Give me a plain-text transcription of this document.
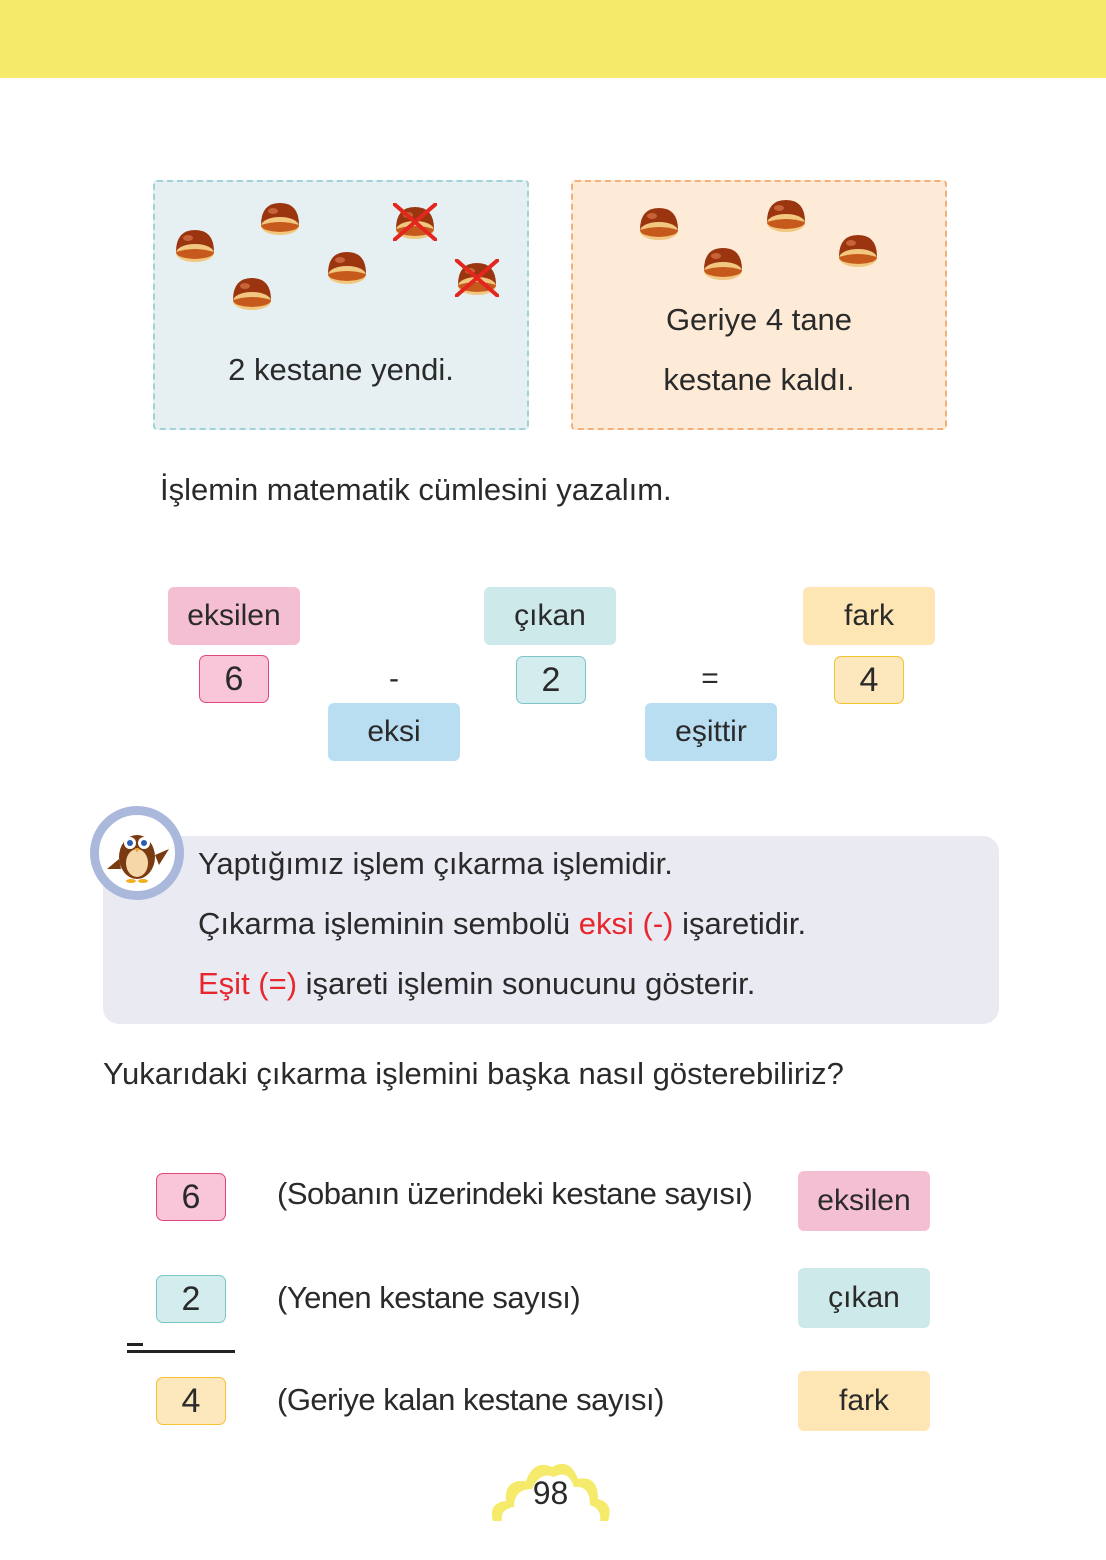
2 kestane yendi.
Geriye 4 tane
kestane kaldı.
İşlemin matematik cümlesini yazalım.
eksilen
6	-
eksi
çıkan
2	=
eşittir
fark
4
Yaptığımız işlem çıkarma işlemidir.
Çıkarma işleminin sembolü eksi (-) işaretidir.
Eşit (=) işareti işlemin sonucunu gösterir.
Yukarıdaki çıkarma işlemini başka nasıl gösterebiliriz?
6	(Sobanın üzerindeki kestane sayısı)	eksilen
2	(Yenen kestane sayısı)	çıkan
4	(Geriye kalan kestane sayısı)	fark
98
